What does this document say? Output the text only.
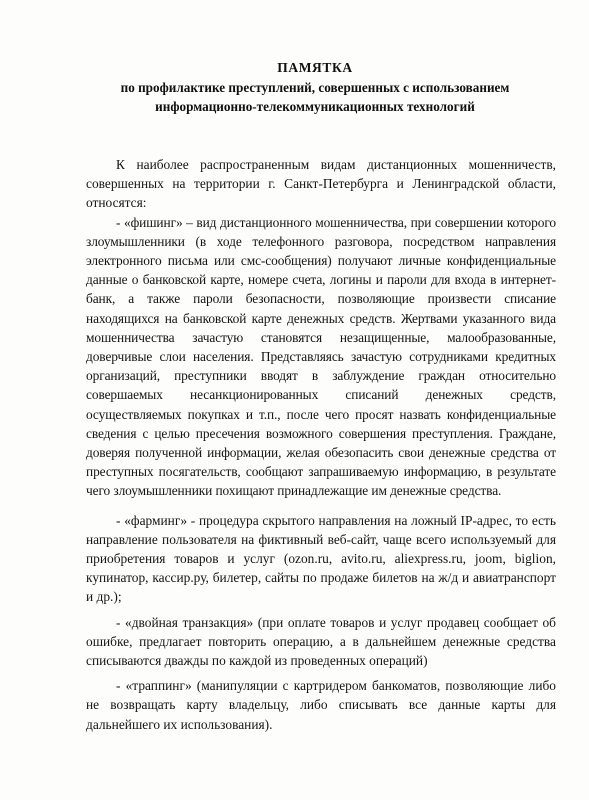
ПАМЯТКА
по профилактике преступлений, совершенных с использованием
информационно-телекоммуникационных технологий

К наиболее распространенным видам дистанционных мошенничеств, совершенных на территории г. Санкт-Петербурга и Ленинградской области, относятся:

- «фишинг» – вид дистанционного мошенничества, при совершении которого злоумышленники (в ходе телефонного разговора, посредством направления электронного письма или смс-сообщения) получают личные конфиденциальные данные о банковской карте, номере счета, логины и пароли для входа в интернет-банк, а также пароли безопасности, позволяющие произвести списание находящихся на банковской карте денежных средств. Жертвами указанного вида мошенничества зачастую становятся незащищенные, малообразованные, доверчивые слои населения. Представляясь зачастую сотрудниками кредитных организаций, преступники вводят в заблуждение граждан относительно совершаемых несанкционированных списаний денежных средств, осуществляемых покупках и т.п., после чего просят назвать конфиденциальные сведения с целью пресечения возможного совершения преступления. Граждане, доверяя полученной информации, желая обезопасить свои денежные средства от преступных посягательств, сообщают запрашиваемую информацию, в результате чего злоумышленники похищают принадлежащие им денежные средства.

- «фарминг» - процедура скрытого направления на ложный IP-адрес, то есть направление пользователя на фиктивный веб-сайт, чаще всего используемый для приобретения товаров и услуг (ozon.ru, avito.ru, aliexpress.ru, joom, biglion, купинатор, кассир.ру, билетер, сайты по продаже билетов на ж/д и авиатранспорт и др.);

- «двойная транзакция» (при оплате товаров и услуг продавец сообщает об ошибке, предлагает повторить операцию, а в дальнейшем денежные средства списываются дважды по каждой из проведенных операций)

- «траппинг» (манипуляции с картридером банкоматов, позволяющие либо не возвращать карту владельцу, либо списывать все данные карты для дальнейшего их использования).
